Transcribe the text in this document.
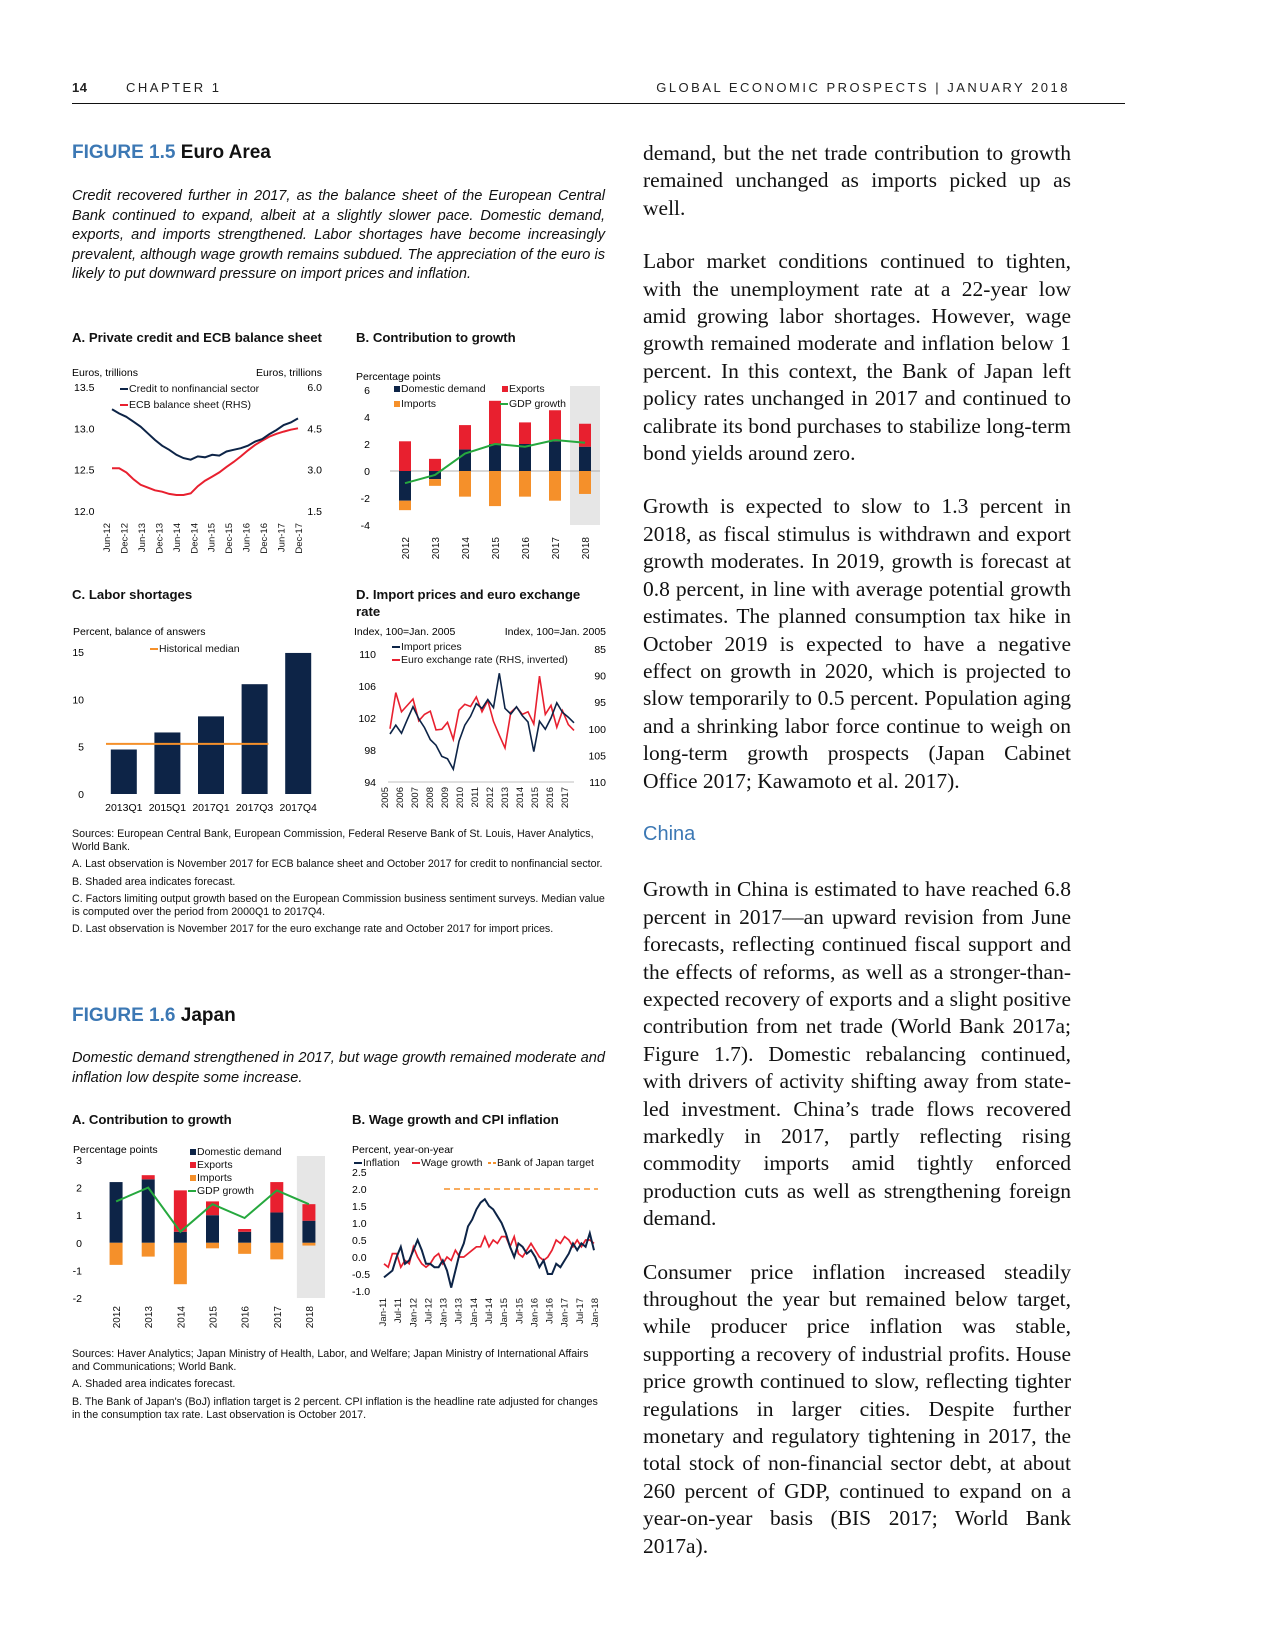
14	CHAPTER 1	GLOBAL ECONOMIC PROSPECTS | JANUARY 2018
FIGURE 1.5 Euro Area
Credit recovered further in 2017, as the balance sheet of the European Central Bank continued to expand, albeit at a slightly slower pace. Domestic demand, exports, and imports strengthened. Labor shortages have become increasingly prevalent, although wage growth remains subdued. The appreciation of the euro is likely to put downward pressure on import prices and inflation.
A. Private credit and ECB balance sheet	B. Contribution to growth
C. Labor shortages	D. Import prices and euro exchange rate
Euros, trillions	Euros, trillions
12.0
12.5
13.0
13.5
1.5
3.0
4.5
6.0
Credit to nonfinancial sector
ECB balance sheet (RHS)
Jun-12 Dec-12 Jun-13 Dec-13 Jun-14 Dec-14 Jun-15 Dec-15 Jun-16 Dec-16 Jun-17 Dec-17
Percentage points
-4
-2
0
2
4
6
2012 2013 2014 2015 2016 2017 2018
Domestic demand Exports
Imports	GDP growth
Percent, balance of answers
0
5
10
15
2013Q1 2015Q1 2017Q1 2017Q3 2017Q4
Historical median
Index, 100=Jan. 2005	Index, 100=Jan. 2005
94
98
102
106
110	85
90
95
100
105
110
Import prices
Euro exchange rate (RHS, inverted)
2005 2006 2007 2008 2009 2010 2011 2012 2013 2014 2015 2016 2017

Sources: European Central Bank, European Commission, Federal Reserve Bank of St. Louis, Haver Analytics, World Bank.

A. Last observation is November 2017 for ECB balance sheet and October 2017 for credit to nonfinancial sector.

B. Shaded area indicates forecast.

C. Factors limiting output growth based on the European Commission business sentiment surveys. Median value is computed over the period from 2000Q1 to 2017Q4.

D. Last observation is November 2017 for the euro exchange rate and October 2017 for import prices.

FIGURE 1.6 Japan
Domestic demand strengthened in 2017, but wage growth remained moderate and inflation low despite some increase.
A. Contribution to growth	B. Wage growth and CPI inflation
Percentage points
-2
-1
0
1
2
3
2012 2013 2014 2015 2016 2017 2018
Domestic demand
Exports
Imports
GDP growth
Percent, year-on-year
-1.0
-0.5
0.0
0.5
1.0
1.5
2.0
2.5
Inflation Wage growth Bank of Japan target
Jan-11 Jul-11 Jan-12 Jul-12 Jan-13 Jul-13 Jan-14 Jul-14 Jan-15 Jul-15 Jan-16 Jul-16 Jan-17 Jul-17 Jan-18

Sources: Haver Analytics; Japan Ministry of Health, Labor, and Welfare; Japan Ministry of International Affairs and Communications; World Bank.

A. Shaded area indicates forecast.

B. The Bank of Japan's (BoJ) inflation target is 2 percent. CPI inflation is the headline rate adjusted for changes in the consumption tax rate. Last observation is October 2017.

demand, but the net trade contribution to growth remained unchanged as imports picked up as well.

Labor market conditions continued to tighten, with the unemployment rate at a 22-year low amid growing labor shortages. However, wage growth remained moderate and inflation below 1 percent. In this context, the Bank of Japan left policy rates unchanged in 2017 and continued to calibrate its bond purchases to stabilize long-term bond yields around zero.

Growth is expected to slow to 1.3 percent in 2018, as fiscal stimulus is withdrawn and export growth moderates. In 2019, growth is forecast at 0.8 percent, in line with average potential growth estimates. The planned consumption tax hike in October 2019 is expected to have a negative effect on growth in 2020, which is projected to slow temporarily to 0.5 percent. Population aging and a shrinking labor force continue to weigh on long-term growth prospects (Japan Cabinet Office 2017; Kawamoto et al. 2017).

China

Growth in China is estimated to have reached 6.8 percent in 2017—an upward revision from June forecasts, reflecting continued fiscal support and the effects of reforms, as well as a stronger-than-expected recovery of exports and a slight positive contribution from net trade (World Bank 2017a; Figure 1.7). Domestic rebalancing continued, with drivers of activity shifting away from state-led investment. China’s trade flows recovered markedly in 2017, partly reflecting rising commodity imports amid tightly enforced production cuts as well as strengthening foreign demand.

Consumer price inflation increased steadily throughout the year but remained below target, while producer price inflation was stable, supporting a recovery of industrial profits. House price growth continued to slow, reflecting tighter regulations in larger cities. Despite further monetary and regulatory tightening in 2017, the total stock of non-financial sector debt, at about 260 percent of GDP, continued to expand on a year-on-year basis (BIS 2017; World Bank 2017a).
